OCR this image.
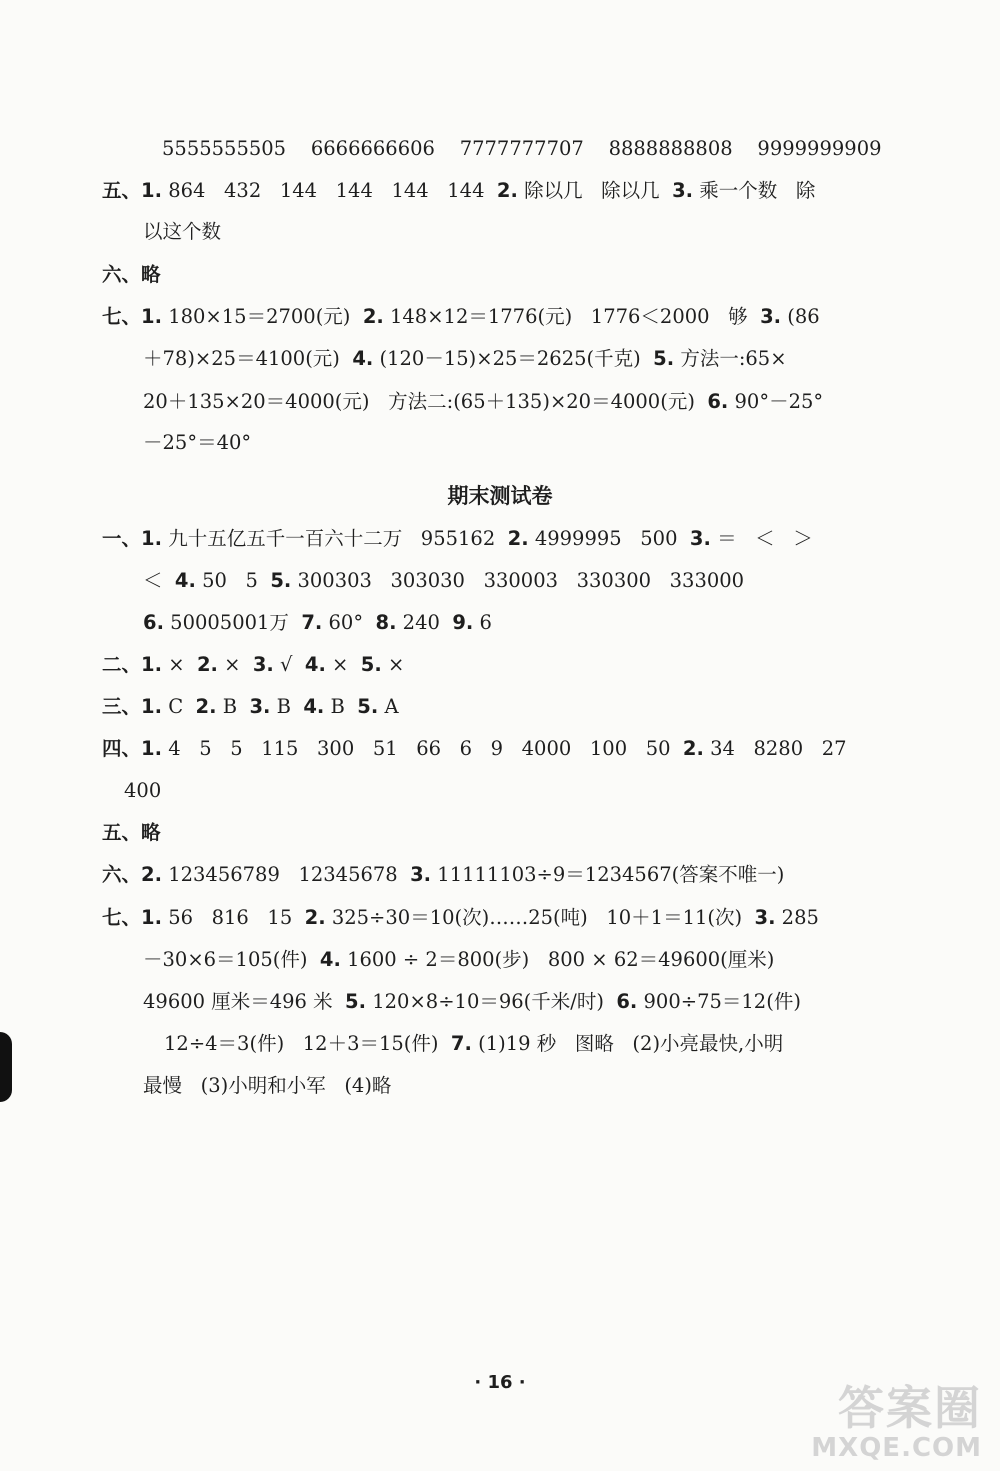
5555555505    6666666606    7777777707    8888888808    9999999909
五、1. 864   432   144   144   144   144  2. 除以几   除以几  3. 乘一个数   除
以这个数
六、略
七、1. 180×15＝2700(元)  2. 148×12＝1776(元)   1776＜2000   够  3. (86
＋78)×25＝4100(元)  4. (120－15)×25＝2625(千克)  5. 方法一:65×
20＋135×20＝4000(元)   方法二:(65＋135)×20＝4000(元)  6. 90°－25°
－25°＝40°
期末测试卷
一、1. 九十五亿五千一百六十二万   955162  2. 4999995   500  3. ＝   ＜   ＞
＜  4. 50   5  5. 300303   303030   330003   330300   333000
6. 50005001万  7. 60°  8. 240  9. 6
二、1. ×  2. ×  3. √  4. ×  5. ×
三、1. C  2. B  3. B  4. B  5. A
四、1. 4   5   5   115   300   51   66   6   9   4000   100   50  2. 34   8280   27
400
五、略
六、2. 123456789   12345678  3. 11111103÷9＝1234567(答案不唯一)
七、1. 56   816   15  2. 325÷30＝10(次)……25(吨)   10＋1＝11(次)  3. 285
－30×6＝105(件)  4. 1600 ÷ 2＝800(步)   800 × 62＝49600(厘米)
49600 厘米＝496 米  5. 120×8÷10＝96(千米/时)  6. 900÷75＝12(件)
12÷4＝3(件)   12＋3＝15(件)  7. (1)19 秒   图略   (2)小亮最快,小明
最慢   (3)小明和小军   (4)略
· 16 ·	答案圈
MXQE.COM
